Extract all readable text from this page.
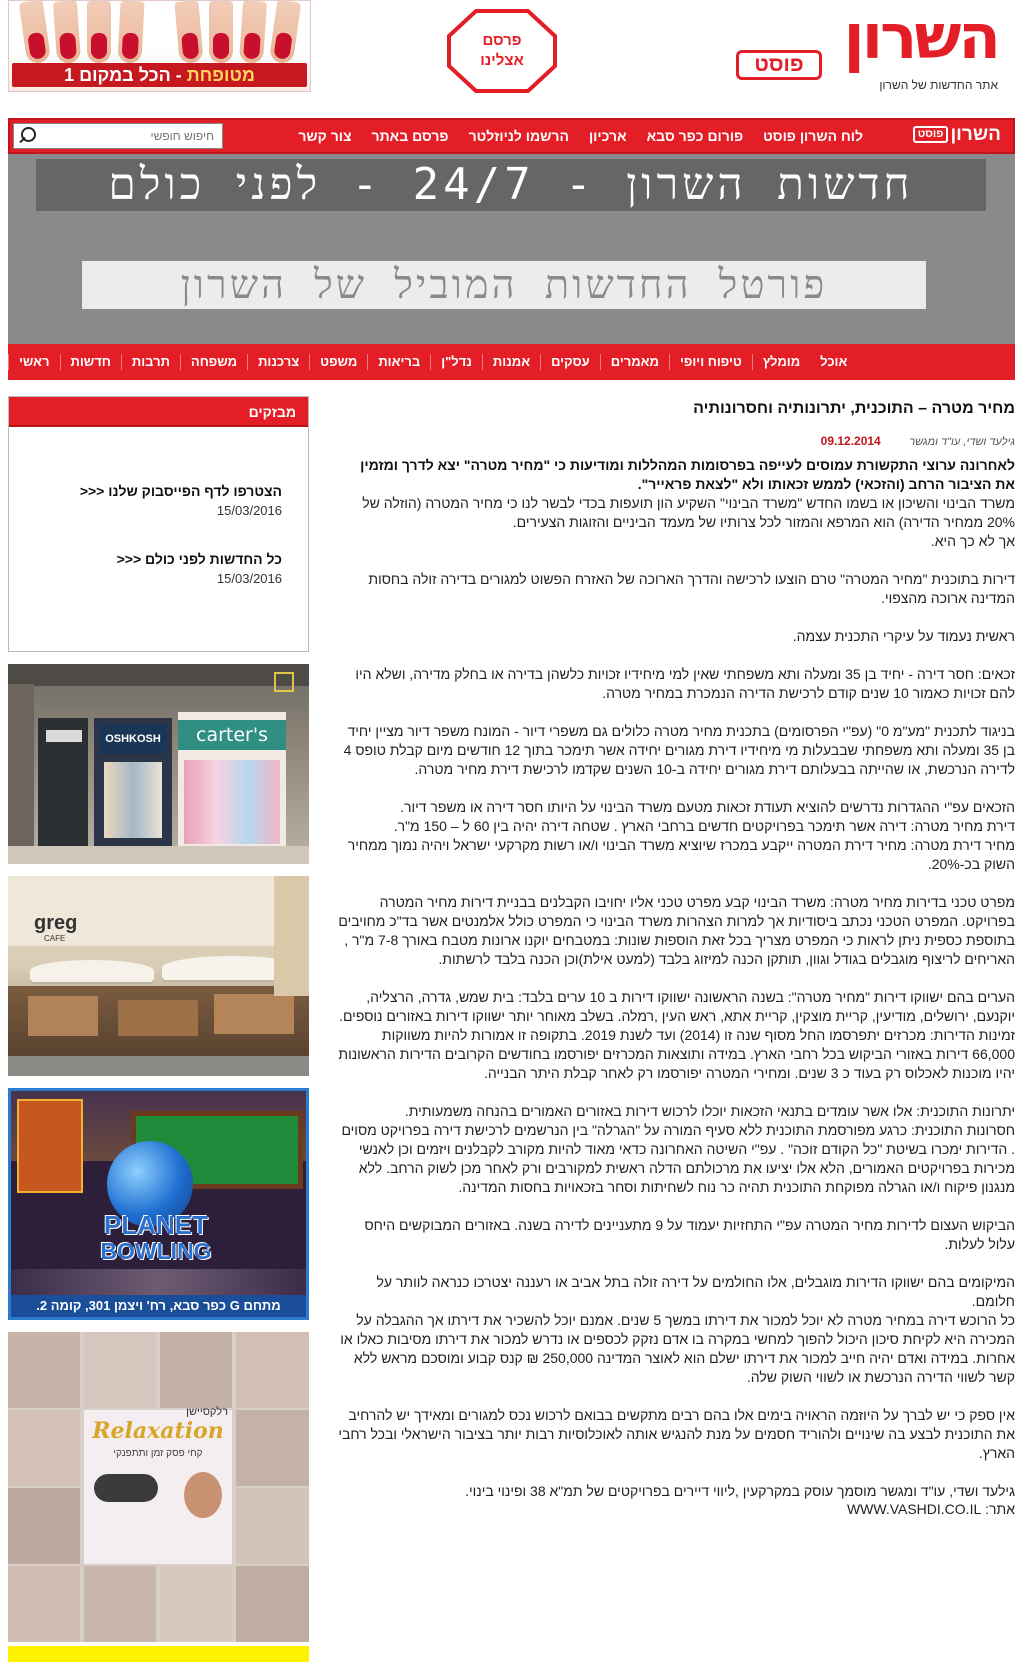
מטופחת - הכל במקום 1
פרסם
אצלינו	השרון
פוסט
אתר החדשות של השרון
השרוןפוסט
צור קשר	פרסם באתר	הרשמו לניוזלטר	ארכיון	פורום כפר סבא	לוח השרון פוסט
חיפוש חופשי
חדשות השרון - 24/7 - לפני כולם
פורטל החדשות המוביל של השרון
ראשי	חדשות	תרבות	משפחה	צרכנות	משפט	בריאות	נדל"ן	אמנות	עסקים	מאמרים	טיפוח ויופי	מומלץ	אוכל
מבזקים
הצטרפו לדף הפייסבוק שלנו <<<
15/03/2016
כל החדשות לפני כולם <<<
15/03/2016
OSHKOSH	carter's
greg
CAFE
PLANET
BOWLING
מתחם G כפר סבא, רח' ויצמן 301, קומה 2.
Relaxation
רלקסיישן
קחי פסק זמן ותתפנקי
מחיר מטרה – התוכנית, יתרונותיה וחסרונותיה
גילעד ושדי, עו"ד ומגשר 09.12.2014
לאחרונה ערוצי התקשורת עמוסים לעייפה בפרסומות המהללות ומודיעות כי "מחיר מטרה" יצא לדרך ומזמין את הציבור הרחב (והזכאי) לממש זכאותו ולא "לצאת פראייר".
משרד הבינוי והשיכון או בשמו החדש "משרד הבינוי" השקיע הון תועפות בכדי לבשר לנו כי מחיר המטרה (הוזלה של 20% ממחיר הדירה) הוא המרפא והמזור לכל צרותיו של מעמד הביניים והזוגות הצעירים.
אך לא כך היא.
דירות בתוכנית "מחיר המטרה" טרם הוצעו לרכישה והדרך הארוכה של האזרח הפשוט למגורים בדירה זולה בחסות המדינה ארוכה מהצפוי.
ראשית נעמוד על עיקרי התכנית עצמה.
זכאים: חסר דירה - יחיד בן 35 ומעלה ותא משפחתי שאין למי מיחידיו זכויות כלשהן בדירה או בחלק מדירה, ושלא היו להם זכויות כאמור 10 שנים קודם לרכישת הדירה הנמכרת במחיר מטרה.
בניגוד לתכנית "מע"מ 0" (עפ"י הפרסומים) בתכנית מחיר מטרה כלולים גם משפרי דיור - המונח משפר דיור מציין יחיד בן 35 ומעלה ותא משפחתי שבבעלות מי מיחידיו דירת מגורים יחידה אשר תימכר בתוך 12 חודשים מיום קבלת טופס 4 לדירה הנרכשת, או שהייתה בבעלותם דירת מגורים יחידה ב-10 השנים שקדמו לרכישת דירת מחיר מטרה.
הזכאים עפ"י ההגדרות נדרשים להוציא תעודת זכאות מטעם משרד הבינוי על היותו חסר דירה או משפר דיור.
דירת מחיר מטרה: דירה אשר תימכר בפרויקטים חדשים ברחבי הארץ . שטחה דירה יהיה בין 60 ל – 150 מ"ר.
מחיר דירת מטרה: מחיר דירת המטרה ייקבע במכרז שיוציא משרד הבינוי ו/או רשות מקרקעי ישראל ויהיה נמוך ממחיר השוק בכ-20%.
מפרט טכני בדירות מחיר מטרה: משרד הבינוי קבע מפרט טכני אליו יחויבו הקבלנים בבניית דירות מחיר המטרה בפרויקט. המפרט הטכני נכתב ביסודיות אך למרות הצהרות משרד הבינוי כי המפרט כולל אלמנטים אשר בד"כ מחויבים בתוספת כספית ניתן לראות כי המפרט מצריך בכל זאת הוספות שונות: במטבחים יוקנו ארונות מטבח באורך 7-8 מ"ר , האריחים לריצוף מוגבלים בגודל וגוון, תותקן הכנה למיזוג בלבד (למעט אילת)וכן הכנה בלבד לרשתות.
הערים בהם ישווקו דירות "מחיר מטרה": בשנה הראשונה ישווקו דירות ב 10 ערים בלבד: בית שמש, גדרה, הרצליה, יוקנעם, ירושלים, מודיעין, קריית מוצקין, קריית אתא, ראש העין ,רמלה. בשלב מאוחר יותר ישווקו דירות באזורים נוספים.
זמינות הדירות: מכרזים יתפרסמו החל מסוף שנה זו (2014) ועד לשנת 2019. בתקופה זו אמורות להיות משווקות 66,000 דירות באזורי הביקוש בכל רחבי הארץ. במידה ותוצאות המכרזים יפורסמו בחודשים הקרובים הדירות הראשונות יהיו מוכנות לאכלוס רק בעוד כ 3 שנים. ומחירי המטרה יפורסמו רק לאחר קבלת היתר הבנייה.
יתרונות התוכנית: אלו אשר עומדים בתנאי הזכאות יוכלו לרכוש דירות באזורים האמורים בהנחה משמעותית.
חסרונות התוכנית: כרגע מפורסמת התוכנית ללא סעיף המורה על "הגרלה" בין הנרשמים לרכישת דירה בפרויקט מסוים . הדירות ימכרו בשיטת "כל הקודם זוכה" . עפ"י השיטה האחרונה כדאי מאוד להיות מקורב לקבלנים ויזמים וכן לאנשי מכירות בפרויקטים האמורים, הלא אלו יציעו את מרכולתם הדלה ראשית למקורבים ורק לאחר מכן לשוק הרחב. ללא מנגנון פיקוח ו/או הגרלה מפוקחת התוכנית תהיה כר נוח לשחיתות וסחר בזכאויות בחסות המדינה.
הביקוש העצום לדירות מחיר המטרה עפ"י התחזיות יעמוד על 9 מתעניינים לדירה בשנה. באזורים המבוקשים היחס עלול לעלות.
המיקומים בהם ישווקו הדירות מוגבלים, אלו החולמים על דירה זולה בתל אביב או רעננה יצטרכו כנראה לוותר על חלומם.
כל הרוכש דירה במחיר מטרה לא יוכל למכור את דירתו במשך 5 שנים. אמנם יוכל להשכיר את דירתו אך ההגבלה על המכירה היא לקיחת סיכון היכול להפוך למחשי במקרה בו אדם נזקק לכספים או נדרש למכור את דירתו מסיבות כאלו או אחרות. במידה ואדם יהיה חייב למכור את דירתו ישלם הוא לאוצר המדינה 250,000 ₪ קנס קבוע ומוסכם מראש ללא קשר לשווי הדירה הנרכשת או לשווי השוק שלה.
אין ספק כי יש לברך על היוזמה הראויה בימים אלו בהם רבים מתקשים בבואם לרכוש נכס למגורים ומאידך יש להרחיב את התוכנית לבצע בה שינויים ולהוריד חסמים על מנת להנגיש אותה לאוכלוסיות רבות יותר בציבור הישראלי ובכל רחבי הארץ.
גילעד ושדי, עו"ד ומגשר מוסמך עוסק במקרקעין ,ליווי דיירים בפרויקטים של תמ"א 38 ופינוי בינוי.
אתר: WWW.VASHDI.CO.IL
